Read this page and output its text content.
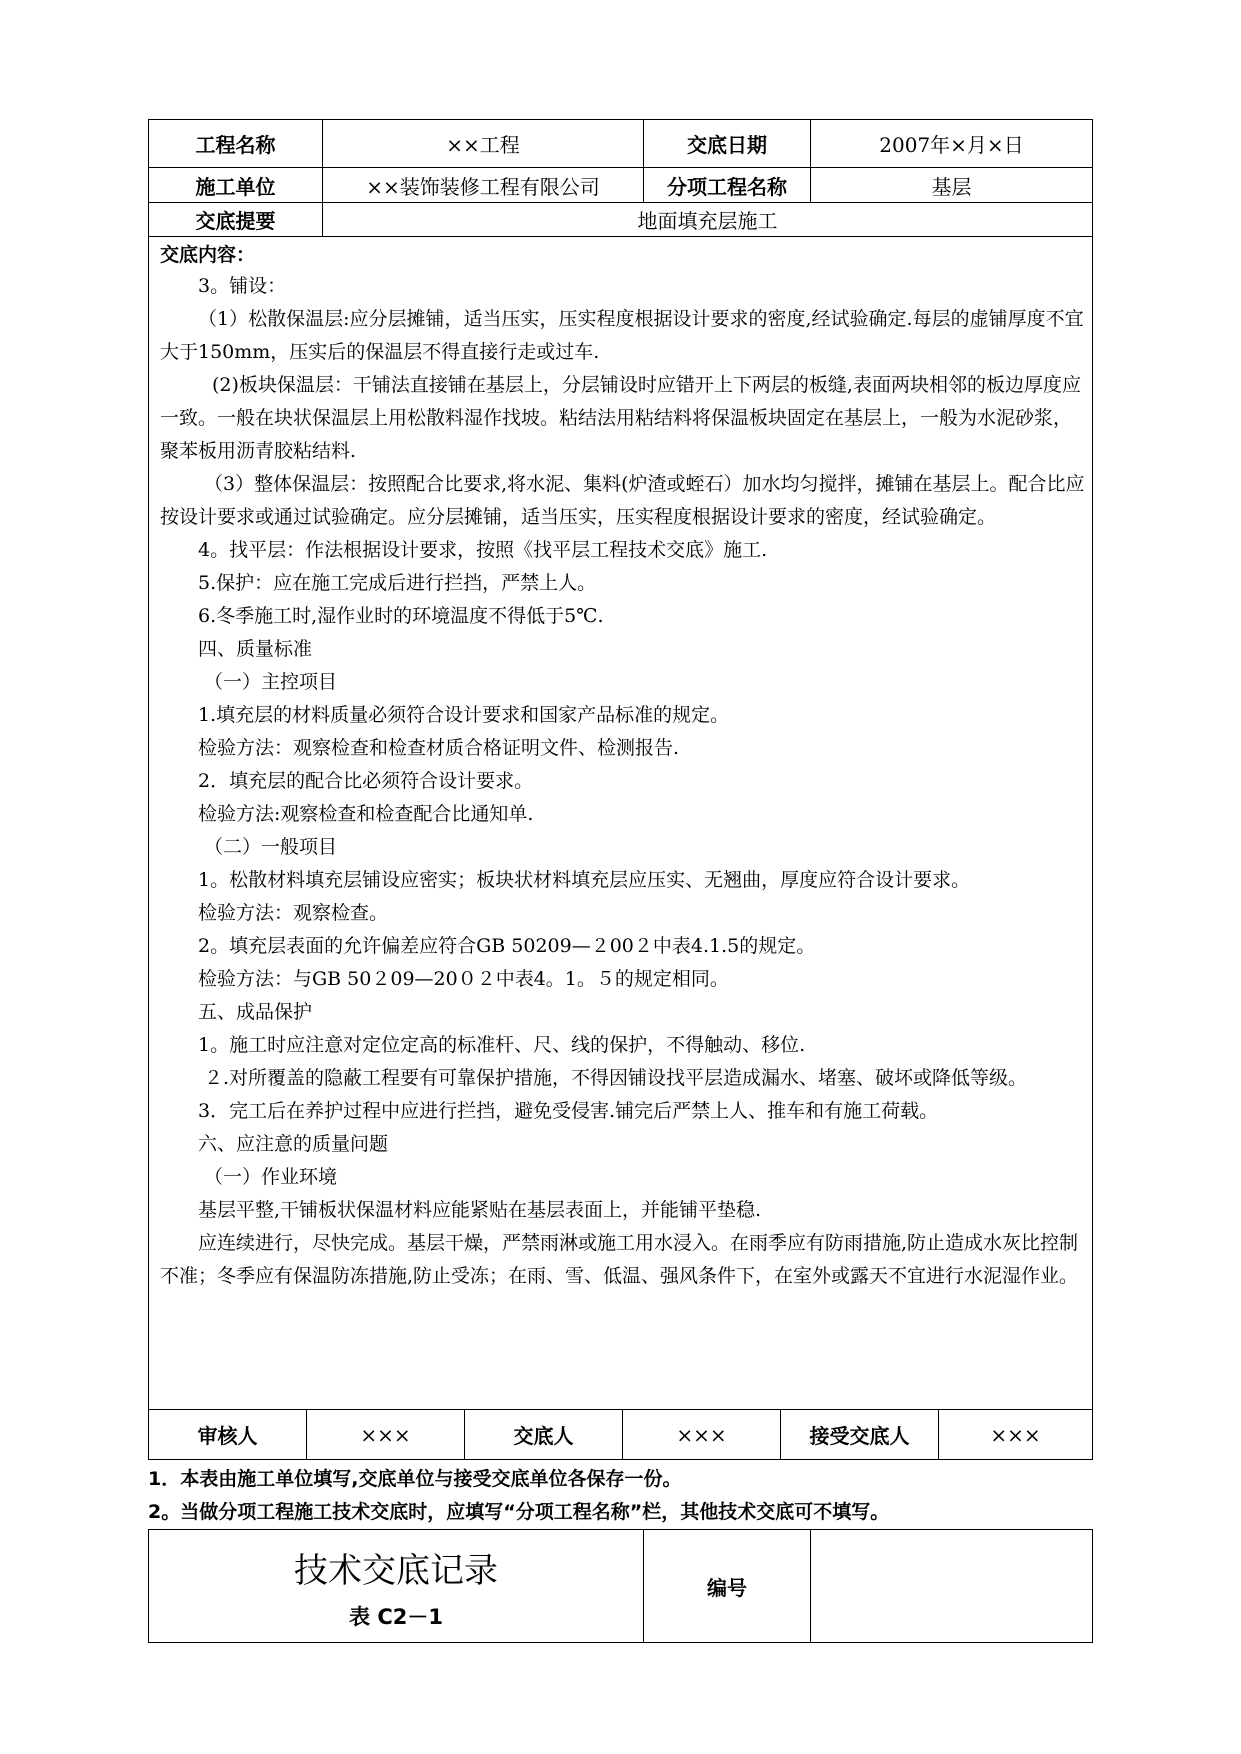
工程名称	××工程	交底日期	2007年×月×日
施工单位	××装饰装修工程有限公司	分项工程名称	基层
交底提要	地面填充层施工
交底内容：

3。铺设：

（1）松散保温层:应分层摊铺，适当压实，压实程度根据设计要求的密度,经试验确定.每层的虚铺厚度不宜大于150mm，压实后的保温层不得直接行走或过车.

(2)板块保温层：干铺法直接铺在基层上，分层铺设时应错开上下两层的板缝,表面两块相邻的板边厚度应一致。一般在块状保温层上用松散料湿作找坡。粘结法用粘结料将保温板块固定在基层上，一般为水泥砂浆，聚苯板用沥青胶粘结料.

（3）整体保温层：按照配合比要求,将水泥、集料(炉渣或蛭石）加水均匀搅拌，摊铺在基层上。配合比应按设计要求或通过试验确定。应分层摊铺，适当压实，压实程度根据设计要求的密度，经试验确定。

4。找平层：作法根据设计要求，按照《找平层工程技术交底》施工.

5.保护：应在施工完成后进行拦挡，严禁上人。

6.冬季施工时,湿作业时的环境温度不得低于5℃.

四、质量标准

（一）主控项目

1.填充层的材料质量必须符合设计要求和国家产品标准的规定。

检验方法：观察检查和检查材质合格证明文件、检测报告.

2．填充层的配合比必须符合设计要求。

检验方法:观察检查和检查配合比通知单.

（二）一般项目

1。松散材料填充层铺设应密实；板块状材料填充层应压实、无翘曲，厚度应符合设计要求。

检验方法：观察检查。

2。填充层表面的允许偏差应符合GB 50209—２00２中表4.1.5的规定。

检验方法：与GB 50２09—20０２中表4。1。５的规定相同。

五、成品保护

1。施工时应注意对定位定高的标准杆、尺、线的保护，不得触动、移位.

２.对所覆盖的隐蔽工程要有可靠保护措施，不得因铺设找平层造成漏水、堵塞、破坏或降低等级。

3．完工后在养护过程中应进行拦挡，避免受侵害.铺完后严禁上人、推车和有施工荷载。

六、应注意的质量问题

（一）作业环境

基层平整,干铺板状保温材料应能紧贴在基层表面上，并能铺平垫稳.

应连续进行，尽快完成。基层干燥，严禁雨淋或施工用水浸入。在雨季应有防雨措施,防止造成水灰比控制不准；冬季应有保温防冻措施,防止受冻；在雨、雪、低温、强风条件下，在室外或露天不宜进行水泥湿作业。

审核人	×××	交底人	×××	接受交底人	×××
1．本表由施工单位填写,交底单位与接受交底单位各保存一份。
2。当做分项工程施工技术交底时，应填写“分项工程名称”栏，其他技术交底可不填写。
技术交底记录
表 C2－1
编号
